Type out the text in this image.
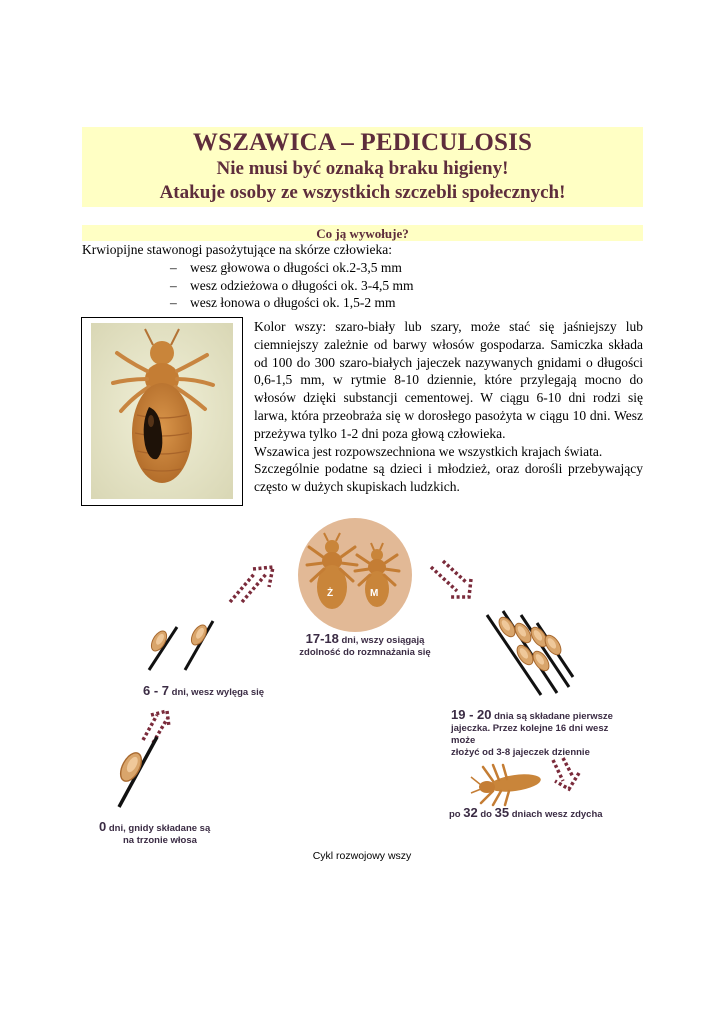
WSZAWICA – PEDICULOSIS
Nie musi być oznaką braku higieny!
Atakuje osoby ze wszystkich szczebli społecznych!
Co ją wywołuje?
Krwiopijne stawonogi pasożytujące na skórze człowieka:
– wesz głowowa o długości ok.2-3,5 mm
– wesz odzieżowa o długości ok. 3-4,5 mm
– wesz łonowa o długości ok. 1,5-2 mm

Kolor wszy: szaro-biały lub szary, może stać się jaśniejszy lub ciemniejszy zależnie od barwy włosów gospodarza. Samiczka składa od 100 do 300 szaro-białych jajeczek nazywanych gnidami o długości 0,6-1,5 mm, w rytmie 8-10 dziennie, które przylegają mocno do włosów dzięki substancji cementowej. W ciągu 6-10 dni rodzi się larwa, która przeobraża się w dorosłego pasożyta w ciągu 10 dni. Wesz przeżywa tylko 1-2 dni poza głową człowieka.

Wszawica jest rozpowszechniona we wszystkich krajach świata.

Szczególnie podatne są dzieci i młodzież, oraz dorośli przebywający często w dużych skupiskach ludzkich.

Ż	M
17-18 dni, wszy osiągają
zdolność do rozmnażania się
6 - 7 dni, wesz wylęga się
19 - 20 dnia są składane pierwsze
jajeczka. Przez kolejne 16 dni wesz może
złożyć od 3-8 jajeczek dziennie
po 32 do 35 dniach wesz zdycha
0 dni, gnidy składane są
na trzonie włosa
Cykl rozwojowy wszy
